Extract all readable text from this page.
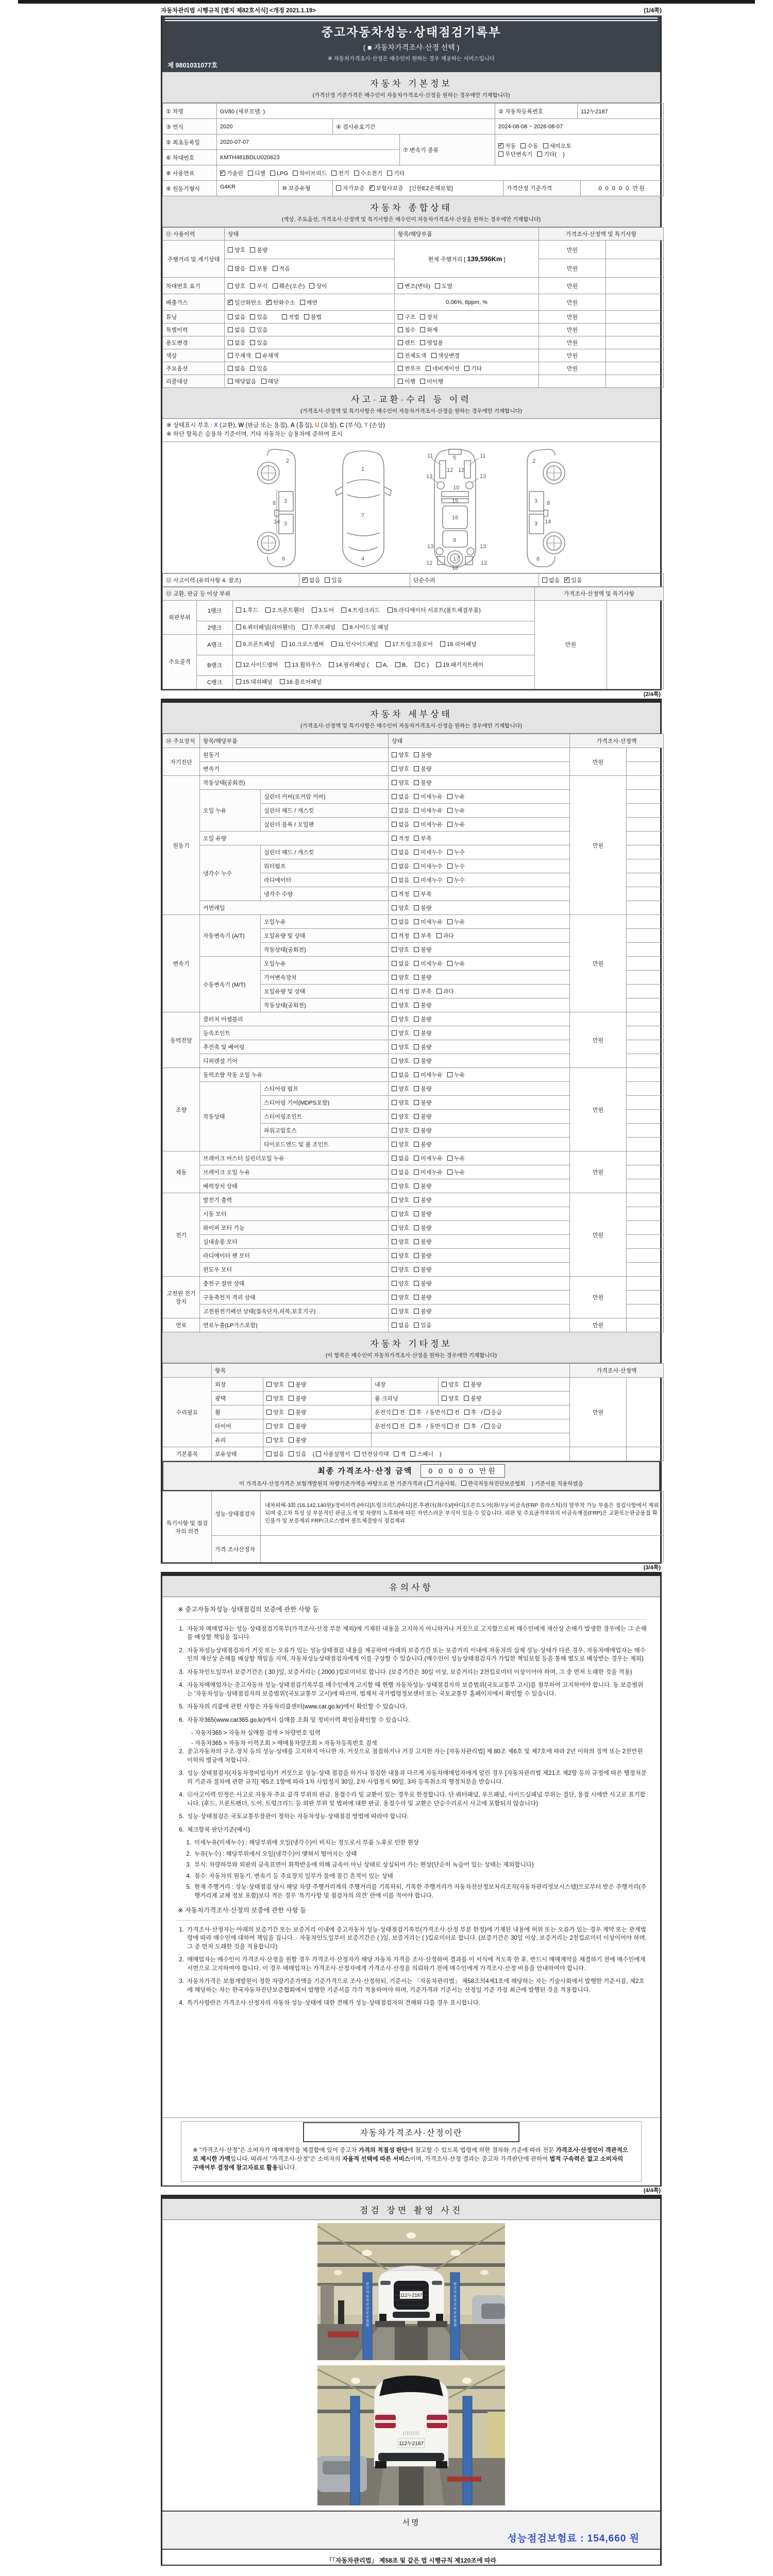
자동차관리법 시행규칙 [별지 제82호서식] <개정 2021.1.19>	(1/4쪽)
중고자동차성능·상태점검기록부
( ■ 자동차가격조사·산정 선택 )
※ 자동차가격조사·산정은 매수인이 원하는 경우 제공하는 서비스입니다
제 9801031077호
자동차 기본정보
(가격산정 기준가격은 매수인이 자동차가격조사·산정을 원하는 경우에만 기재합니다)
① 차명	GV80 (세부모델: )			② 자동차등록번호	112누2187
③ 연식	2020	④ 검사유효기간		2024-08-08 ~ 2026-08-07	
⑤ 최초등록일	2020-07-07		⑦ 변속기 종류	✓자동 수동 세미오토
무단변속기 기타( )
⑥ 차대번호	KMTH481BDLU020623				
⑧ 사용연료	✓가솔린 디젤 LPG 하이브리드 전기 수소전기 기타
⑨ 원동기형식	G4KR ⑩ 보증유형 자가보증 ✓ 보험사보증 [신한EZ손해보험] 가격산정 기준가격 0 0 0 0 0 만원
자동차 종합상태
(색상, 주요옵션, 가격조사·산정액 및 특기사항은 매수인이 자동차가격조사·산정을 원하는 경우에만 기재합니다)
⑪ 사용이력	상태	항목/해당부품	가격조사·산정액 및 특기사항	
주행거리 및 계기상태	양호 불량	현재 주행거리 [ 139,596Km ]	만원	
	많음 보통 적음		만원	
차대번호 표기	양호 부식 훼손(오손) 상이	변조(변타) 도말	만원	
배출가스	✓일산화탄소 ✓ 탄화수소 매연	0.06%, 6ppm, %	만원	
튜닝	없음 있음 적법 불법	구조 장치	만원	
특별이력	없음 있음	침수 화재	만원	
용도변경	없음 있음	렌트 영업용	만원	
색상	무채색 유채색	전체도색 색상변경	만원	
주요옵션	없음 있음	썬루프 네비게이션 기타	만원	
리콜대상	해당없음 해당	이행 미이행		
사고·교환·수리 등 이력
(가격조사·산정액 및 특기사항은 매수인이 자동차가격조사·산정을 원하는 경우에만 기재합니다)
※ 상태표시 부호 : X (교환), W (판금 또는 용접), A (흠집), U (요철), C (부식), T (손상)
※ 하단 항목은 승용차 기준이며, 기타 자동차는 승용차에 준하여 표시
2
8 3
14 3
6
1
7
4
5
11	11
13
12 12
13
10
15
16
13
9
13
12	12
17
18
2
3 8
14
3
6
⑫ 사고이력 (유의사항 4. 참조)	✓없음 있음	단순수리	없음 ✓ 있음
⑬ 교환, 판금 등 이상 부위			가격조사·산정액 및 특기사항	
외판부위	1랭크	1.후드 2.프론트휀더 3.도어 4.트렁크리드 5.라디에이터 서포트(볼트체결부품)	만원	
	2랭크	6.쿼터패널(리어휀더) 7.루프패널 8.사이드실 패널		
주요골격	A랭크	9.프론트패널 10.크로스멤버 11.인사이드패널 17.트렁크플로어 18.리어패널		
	B랭크	12.사이드멤버 13.휠하우스 14.필러패널 ( A, B, C ) 19.패키지트레이		
	C랭크	15.대쉬패널 16.플로어패널		
(2/4쪽)
자동차 세부상태
(가격조사·산정액 및 특기사항은 매수인이 자동차가격조사·산정을 원하는 경우에만 기재합니다)
⑭ 주요장치	항목/해당부품		상태	가격조사·산정액	
자기진단	원동기		양호 불량	만원	
	변속기		양호 불량		
원동기	작동상태(공회전)		양호 불량	만원	
	오일 누유	실린더 커버(로커암 커버)	없음 미세누유 누유		
		실린더 헤드 / 개스킷	없음 미세누유 누유		
		실린더 블록 / 오일팬	없음 미세누유 누유		
	오일 유량		적정 부족		
	냉각수 누수	실린더 헤드 / 개스킷	없음 미세누수 누수		
		워터펌프	없음 미세누수 누수		
		라디에이터	없음 미세누수 누수		
		냉각수 수량	적정 부족		
	커먼레일		양호 불량		
변속기	자동변속기 (A/T)	오일누유	없음 미세누유 누유	만원	
		오일유량 및 상태	적정 부족 과다		
		작동상태(공회전)	양호 불량		
	수동변속기 (M/T)	오일누유	없음 미세누유 누유		
		기어변속장치	양호 불량		
		오일유량 및 상태	적정 부족 과다		
		작동상태(공회전)	양호 불량		
동력전달	클러치 어셈블리		양호 불량	만원	
	등속조인트		양호 불량		
	추진축 및 베어링		양호 불량		
	디퍼렌셜 기어		양호 불량		
조향	동력조향 작동 오일 누유		없음 미세누유 누유	만원	
	작동상태	스티어링 펌프	양호 불량		
		스티어링 기어(MDPS포함)	양호 불량		
		스티어링조인트	양호 불량		
		파워고압호스	양호 불량		
		타이로드엔드 및 볼 조인트	양호 불량		
제동	브레이크 마스터 실린더오일 누유		없음 미세누유 누유	만원	
	브레이크 오일 누유		없음 미세누유 누유		
	배력장치 상태		양호 불량		
전기	발전기 출력		양호 불량	만원	
	시동 모터		양호 불량		
	와이퍼 모터 기능		양호 불량		
	실내송풍 모터		양호 불량		
	라디에이터 팬 모터		양호 불량		
	윈도우 모터		양호 불량		
고전원 전기장치	충전구 절연 상태		양호 불량	만원	
	구동축전지 격리 상태		양호 불량		
	고전원전기배선 상태(접속단자,피복,보호기구)		양호 불량		
연료	연료누출(LP가스포함)		없음 있음	만원	
자동차 기타정보
(이 항목은 매수인이 자동차가격조사·산정을 원하는 경우에만 기재합니다)
	항목				가격조사·산정액	
수리필요	외장	양호 불량	내장	양호 불량	만원	
	광택	양호 불량	룸 크리닝	양호 불량		
	휠	양호 불량	운전석 전 후 / 동반석 전 후 / 응급			
	타이어	양호 불량	운전석 전 후 / 동반석 전 후 / 응급			
	유리	양호 불량				
기본품목	보유상태	없음 있음 ( 사용설명서 안전삼각대 잭 스패너 )				
최종 가격조사·산정 금액 0 0 0 0 0 만원
이 가격조사·산정가격은 보험개발원의 차량기준가액을 바탕으로 한 기준가격과 ( 기술사회, 한국자동차진단보증협회 ) 기준서를 적용하였음
특기사항 및 점검자의 의견	성능·상태점검자	내차피해-3회 (16,142,140원)/정비이력-[바디]트렁크리드/[바디]전·후펜더(좌/우)/[바디]프론트도어(좌/우)/ 비금속(FRP 플라스틱)의 탈부착 가능 부품은 점검사항에서 제외되며 중고차 특성 상 부분적인 판금,도색 및 차량의 노후화에 따른 자연스러운 부식이 있을 수 있습니다. 외판 및 주요골격부위의 비금속재질(FRP)은 교환또는판금용접 확인불가 및 보증제외 FRP/크로스멤버 볼트체결방식 점검제외
	가격·조사산정자	
(3/4쪽)
유의사항
※ 중고자동차성능·상태점검의 보증에 관한 사항 등
1. 자동차 매매업자는 성능·상태점검기록부(가격조사·산정 부분 제외)에 기재된 내용을 고지하지 아니하거나 거짓으로 고지함으로써 매수인에게 재산상 손해가 발생한 경우에는 그 손해를 배상할 책임을 집니다.
2. 자동차성능상태점검자가 거짓 또는 오류가 있는 성능상태점검 내용을 제공하여 아래의 보증기간 또는 보증거리 이내에 자동차의 실제 성능·상태가 다른 경우, 자동차매매업자는 매수인의 재산상 손해를 배상할 책임을 지며, 자동차성능상태점검자에게 이를 구상할 수 있습니다.(매수인이 성능상태점검자가 가입한 책임보험 등을 통해 별도로 배상받는 경우는 제외)
3. 자동차인도일부터 보증기간은 ( 30 )일, 보증거리는 ( 2000 )킬로미터로 합니다. (보증기간은 30일 이상, 보증거리는 2천킬로미터 이상이어야 하며, 그 중 먼저 도래한 것을 적용)
4. 자동차매매업자는 중고자동차 성능·상태점검기록부를 매수인에게 고지할 때 현행 자동차성능·상태점검자의 보증범위(국토교통부 고시)를 첨부하여 고지하여야 합니다. 동 보증범위는 '자동차성능·상태점검자의 보증범위'(국토교통부 고시)에 따르며, 법제처 국가법령정보센터 또는 국토교통부 홈페이지에서 확인할 수 있습니다.
5. 자동차의 리콜에 관한 사항은 자동차리콜센터(www.car.go.kr)에서 확인할 수 있습니다.
6. 자동차365(www.car365.go.kr)에서 실매물 조회 및 정비이력 확인을확인할 수 있습니다.
- 자동차365 > 자동차 실매물 검색 > 차량번호 입력
- 자동차365 > 자동차 이력조회 > 매매용차량조회 > 자동차등록번호 검색
2. 중고자동차의 구조·장치 등의 성능·상태를 고지하지 아니한 자, 거짓으로 점검하거나 거짓 고지한 자는 [자동차관리법] 제 80조 제6호 및 제7호에 따라 2년 이하의 징역 또는 2천만원 이하의 벌금에 처합니다.
3. 성능·상태점검자(자동차정비업자)가 거짓으로 성능·상태 점검을 하거나 점검한 내용과 다르게 자동차매매업자에게 알린 경우 [자동차관리법 제21조 제2항 등의 규정에 따른 행정처분의 기준과 절차에 관한 규칙] 제5조 1항에 따라 1차 사업정지 30일, 2차 사업정지 90일, 3차 등록취소의 행정처분을 받습니다.
4. ⑫사고이력 인정은 사고로 자동차 주요 골격 부위의 판금, 용접수리 및 교환이 있는 경우로 한정합니다. 단 쿼터패널, 루프패널, 사이드실패널 부위는 절단, 용접 시에만 사고로 표기합니다. (후드, 프론트펜더, 도어, 트렁크리드 등 외판 부위 및 범퍼에 대한 판금, 용접수리 및 교환은 단순수리로서 사고에 포함되지 않습니다)
5. 성능·상태점검은 국토교통부장관이 정하는 자동차성능·상태점검 방법에 따라야 합니다.
6. 체크항목 판단기준(예시)
1. 미세누유(미세누수) : 해당부위에 오일(냉각수)이 비치는 정도로서 부품 노후로 인한 현상
2. 누유(누수) : 해당부위에서 오일(냉각수)이 맺혀서 떨어지는 상태
3. 부식: 차량하부와 외판의 금속표면이 화학반응에 의해 금속이 아닌 상태로 상실되어 가는 현상(단순히 녹슬어 있는 상태는 제외합니다)
4. 침수: 자동차의 원동기, 변속기 등 주요장치 일부가 물에 잠긴 흔적이 있는 상태
5. 현재 주행거리 : 성능·상태점검 당시 해당 차량 주행거리계의 주행거리를 기록하되, 기록한 주행거리가 자동차전산정보처리조직(자동차관리정보시스템)으로부터 받은 주행거리(주행거리계 교체 정보 포함)보다 적은 경우 '특기사항 및 점검자의 의견' 란에 이를 적어야 합니다.
※ 자동차가격조사·산정의 보증에 관한 사항 등
1. 가격조사·산정자는 아래의 보증기간 또는 보증거리 이내에 중고자동차 성능·상태점검기록부(가격조사·산정 부분 한정)에 기재된 내용에 허위 또는 오류가 있는 경우 계약 또는 관계법령에 따라 매수인에 대하여 책임을 집니다. · 자동차인도일부터 보증기간은 ( )일, 보증거리는 ( )킬로미터로 합니다. (보증기간은 30일 이상, 보증거리는 2천킬로미터 이상이어야 하며, 그 중 먼저 도래한 것을 적용합니다)
2. 매매업자는 매수인이 가격조사·산정을 원할 경우 가격조사·산정자가 해당 자동차 가격을 조사·산정하여 결과를 이 서식에 적도록 한 후, 반드시 매매계약을 체결하기 전에 매수인에게 서면으로 고지하여야 합니다. 이 경우 매매업자는 가격조사·산정자에게 가격조사·산정을 의뢰하기 전에 매수인에게 가격조사·산정 비용을 안내하여야 합니다.
3. 자동차가격은 보험개발원이 정한 차량기준가액을 기준가격으로 조사·산정하되, 기준서는 「자동차관리법」 제58조의4제1호에 해당하는 자는 기술사회에서 발행한 기준서를, 제2호에 해당하는 자는 한국자동차진단보증협회에서 발행한 기준서를 각각 적용하여야 하며, 기준가격과 기준서는 산정일 기준 가장 최근에 발행된 것을 적용합니다.
4. 특기사항란은 가격조사·산정자의 자동차 성능·상태에 대한 견해가 성능·상태점검자의 견해와 다를 경우 표시합니다.
자동차가격조사·산정이란
※ "가격조사·산정"은 소비자가 매매계약을 체결함에 있어 중고차 가격의 적절성 판단에 참고할 수 있도록 법령에 의한 절차와 기준에 따라 전문 가격조사·산정인이 객관적으로 제시한 가액입니다. 따라서 "가격조사·산정"은 소비자의 자율적 선택에 따른 서비스이며, 가격조사·산정 결과는 중고차 가격판단에 관하여 법적 구속력은 없고 소비자의 구매여부 결정에 참고자료로 활용됩니다.
(4/4쪽)
점검 장면 촬영 사진
한 국 자 동 차 진 단 보 증 협 회
한 국 자 동 차 진 단 보 증 협 회
112누2187
||||||||
112누2187
서명
성능점검보험료 : 154,660 원
「「자동차관리법」 제58조 및 같은 법 시행규칙 제120조에 따라
